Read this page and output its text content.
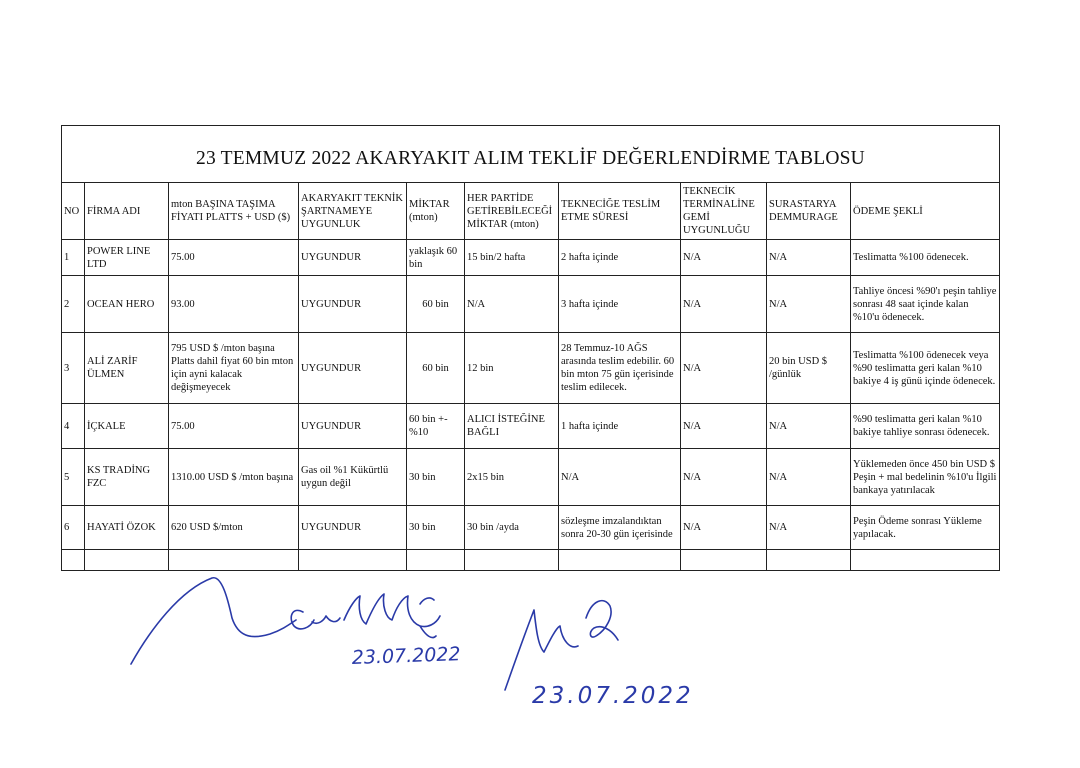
23 TEMMUZ 2022 AKARYAKIT ALIM TEKLİF DEĞERLENDİRME TABLOSU									
NO	FİRMA ADI	mton BAŞINA TAŞIMA FİYATI PLATTS + USD ($)	AKARYAKIT TEKNİK ŞARTNAMEYE UYGUNLUK	MİKTAR (mton)	HER PARTİDE GETİREBİLECEĞİ MİKTAR (mton)	TEKNECİĞE TESLİM ETME SÜRESİ	TEKNECİK TERMİNALİNE GEMİ UYGUNLUĞU	SURASTARYA DEMMURAGE	ÖDEME ŞEKLİ
1	POWER LINE LTD	75.00	UYGUNDUR	yaklaşık 60 bin	15 bin/2 hafta	2 hafta içinde	N/A	N/A	Teslimatta %100 ödenecek.
2	OCEAN HERO	93.00	UYGUNDUR	60 bin	N/A	3 hafta içinde	N/A	N/A	Tahliye öncesi %90'ı peşin tahliye sonrası 48 saat içinde kalan %10'u ödenecek.
3	ALİ ZARİF ÜLMEN	795 USD $ /mton başına Platts dahil fiyat 60 bin mton için ayni kalacak değişmeyecek	UYGUNDUR	60 bin	12 bin	28 Temmuz-10 AĞS arasında teslim edebilir. 60 bin mton 75 gün içerisinde teslim edilecek.	N/A	20 bin USD $ /günlük	Teslimatta %100 ödenecek veya %90 teslimatta geri kalan %10 bakiye 4 iş günü içinde ödenecek.
4	İÇKALE	75.00	UYGUNDUR	60 bin +- %10	ALICI İSTEĞİNE BAĞLI	1 hafta içinde	N/A	N/A	%90 teslimatta geri kalan %10 bakiye tahliye sonrası ödenecek.
5	KS TRADİNG FZC	1310.00 USD $ /mton başına	Gas oil %1 Kükürtlü uygun değil	30 bin	2x15 bin	N/A	N/A	N/A	Yüklemeden önce 450 bin USD $ Peşin + mal bedelinin %10'u İlgili bankaya yatırılacak
6	HAYATİ ÖZOK	620 USD $/mton	UYGUNDUR	30 bin	30 bin /ayda	sözleşme imzalandıktan sonra 20-30 gün içerisinde	N/A	N/A	Peşin Ödeme sonrası Yükleme yapılacak.

23.07.2022
23.07.2022
